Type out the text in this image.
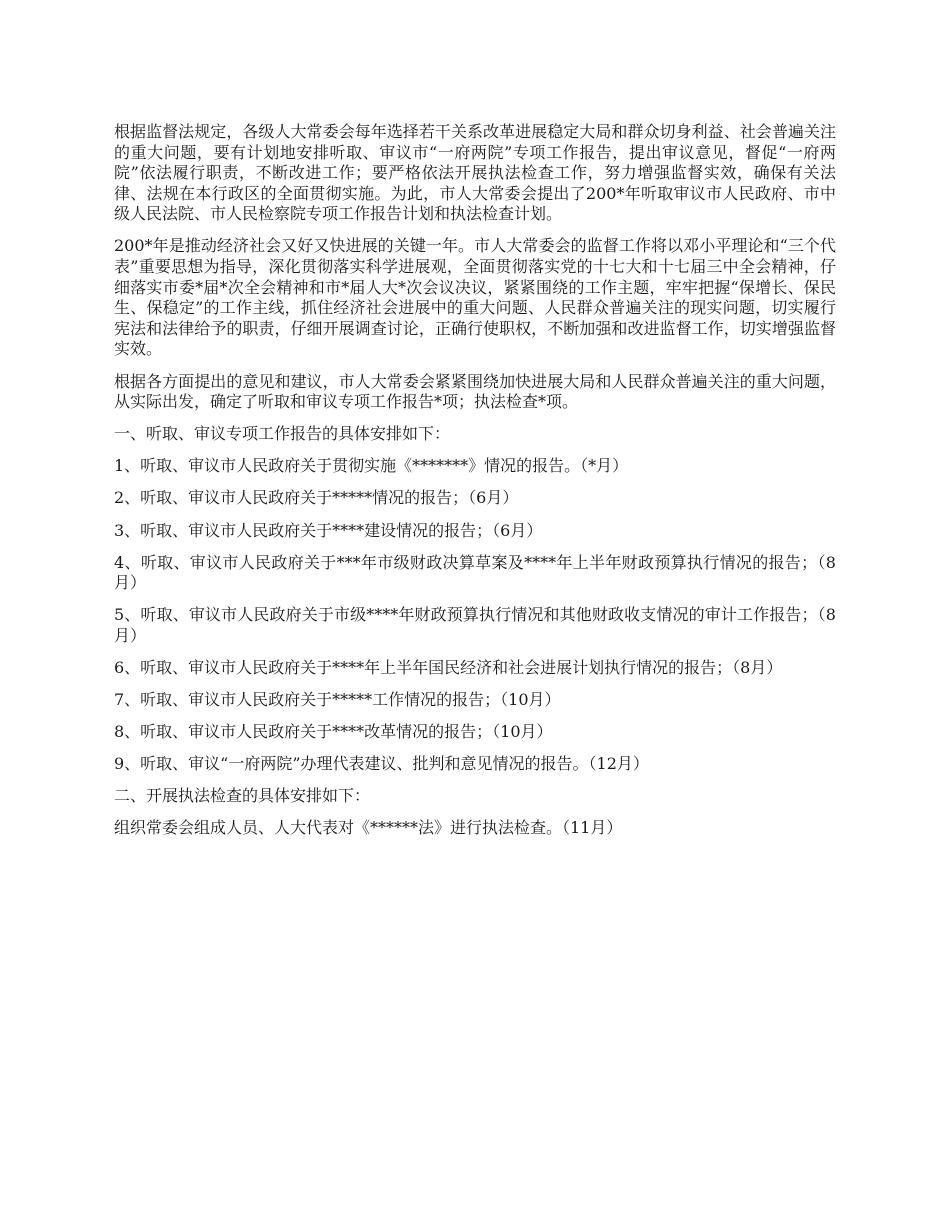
根据监督法规定，各级人大常委会每年选择若干关系改革进展稳定大局和群众切身利益、社会普遍关注的重大问题，要有计划地安排听取、审议市“一府两院”专项工作报告，提出审议意见，督促“一府两院”依法履行职责，不断改进工作；要严格依法开展执法检查工作，努力增强监督实效，确保有关法律、法规在本行政区的全面贯彻实施。为此，市人大常委会提出了200*年听取审议市人民政府、市中级人民法院、市人民检察院专项工作报告计划和执法检查计划。

200*年是推动经济社会又好又快进展的关键一年。市人大常委会的监督工作将以邓小平理论和“三个代表”重要思想为指导，深化贯彻落实科学进展观，全面贯彻落实党的十七大和十七届三中全会精神，仔细落实市委*届*次全会精神和市*届人大*次会议决议，紧紧围绕的工作主题，牢牢把握“保增长、保民生、保稳定”的工作主线，抓住经济社会进展中的重大问题、人民群众普遍关注的现实问题，切实履行宪法和法律给予的职责，仔细开展调查讨论，正确行使职权，不断加强和改进监督工作，切实增强监督实效。

根据各方面提出的意见和建议，市人大常委会紧紧围绕加快进展大局和人民群众普遍关注的重大问题，从实际出发，确定了听取和审议专项工作报告*项；执法检查*项。

一、听取、审议专项工作报告的具体安排如下：

1、听取、审议市人民政府关于贯彻实施《*******》情况的报告。（*月）

2、听取、审议市人民政府关于*****情况的报告；（6月）

3、听取、审议市人民政府关于****建设情况的报告；（6月）

4、听取、审议市人民政府关于***年市级财政决算草案及****年上半年财政预算执行情况的报告；（8月）

5、听取、审议市人民政府关于市级****年财政预算执行情况和其他财政收支情况的审计工作报告；（8月）

6、听取、审议市人民政府关于****年上半年国民经济和社会进展计划执行情况的报告；（8月）

7、听取、审议市人民政府关于*****工作情况的报告；（10月）

8、听取、审议市人民政府关于****改革情况的报告；（10月）

9、听取、审议“一府两院”办理代表建议、批判和意见情况的报告。（12月）

二、开展执法检查的具体安排如下：

组织常委会组成人员、人大代表对《******法》进行执法检查。（11月）
